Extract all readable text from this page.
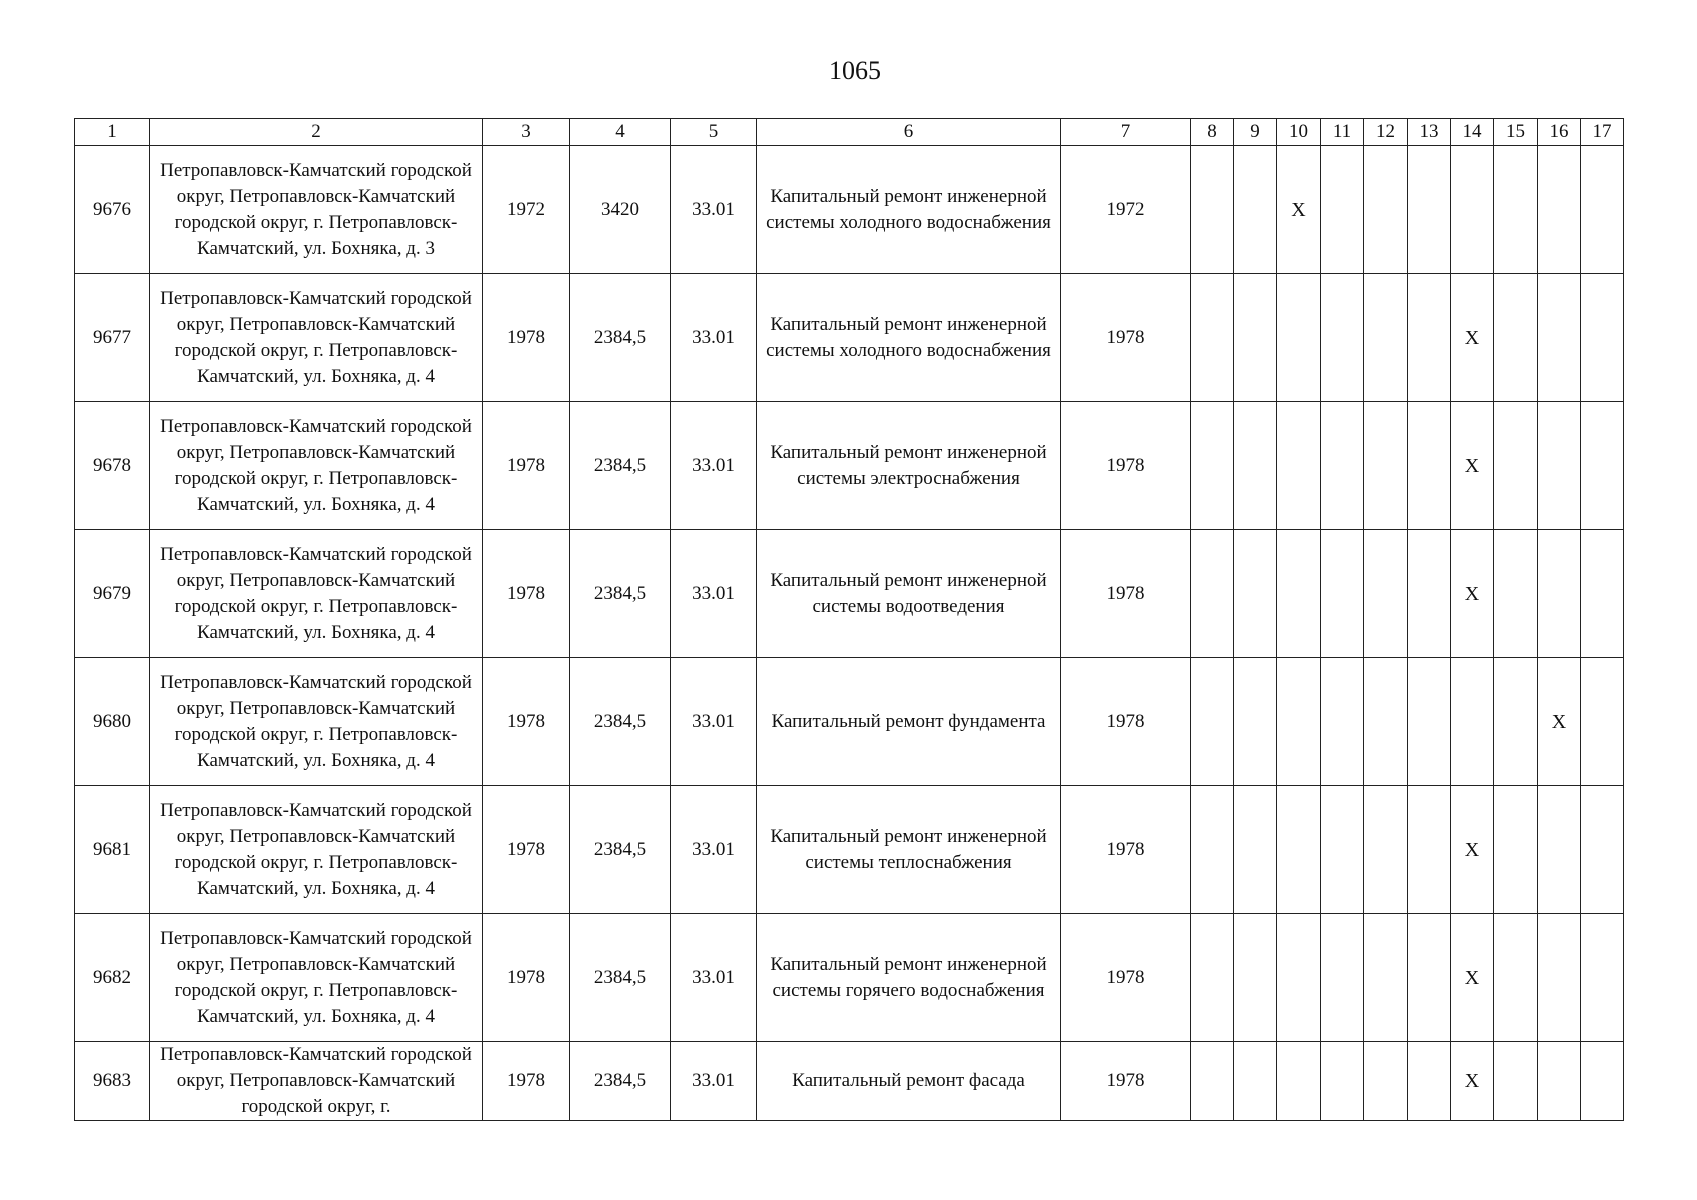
1065
1	2	3	4	5	6	7	8	9	10	11	12	13	14	15	16	17
9676	Петропавловск-Камчатский городской округ, Петропавловск-Камчатский городской округ, г. Петропавловск-Камчатский, ул. Бохняка, д. 3	1972	3420	33.01	Капитальный ремонт инженерной системы холодного водоснабжения	1972			X							
9677	Петропавловск-Камчатский городской округ, Петропавловск-Камчатский городской округ, г. Петропавловск-Камчатский, ул. Бохняка, д. 4	1978	2384,5	33.01	Капитальный ремонт инженерной системы холодного водоснабжения	1978							X			
9678	Петропавловск-Камчатский городской округ, Петропавловск-Камчатский городской округ, г. Петропавловск-Камчатский, ул. Бохняка, д. 4	1978	2384,5	33.01	Капитальный ремонт инженерной системы электроснабжения	1978							X			
9679	Петропавловск-Камчатский городской округ, Петропавловск-Камчатский городской округ, г. Петропавловск-Камчатский, ул. Бохняка, д. 4	1978	2384,5	33.01	Капитальный ремонт инженерной системы водоотведения	1978							X			
9680	Петропавловск-Камчатский городской округ, Петропавловск-Камчатский городской округ, г. Петропавловск-Камчатский, ул. Бохняка, д. 4	1978	2384,5	33.01	Капитальный ремонт фундамента	1978									X	
9681	Петропавловск-Камчатский городской округ, Петропавловск-Камчатский городской округ, г. Петропавловск-Камчатский, ул. Бохняка, д. 4	1978	2384,5	33.01	Капитальный ремонт инженерной системы теплоснабжения	1978							X			
9682	Петропавловск-Камчатский городской округ, Петропавловск-Камчатский городской округ, г. Петропавловск-Камчатский, ул. Бохняка, д. 4	1978	2384,5	33.01	Капитальный ремонт инженерной системы горячего водоснабжения	1978							X			
9683	Петропавловск-Камчатский городской округ, Петропавловск-Камчатский городской округ, г.	1978	2384,5	33.01	Капитальный ремонт фасада	1978							X			
